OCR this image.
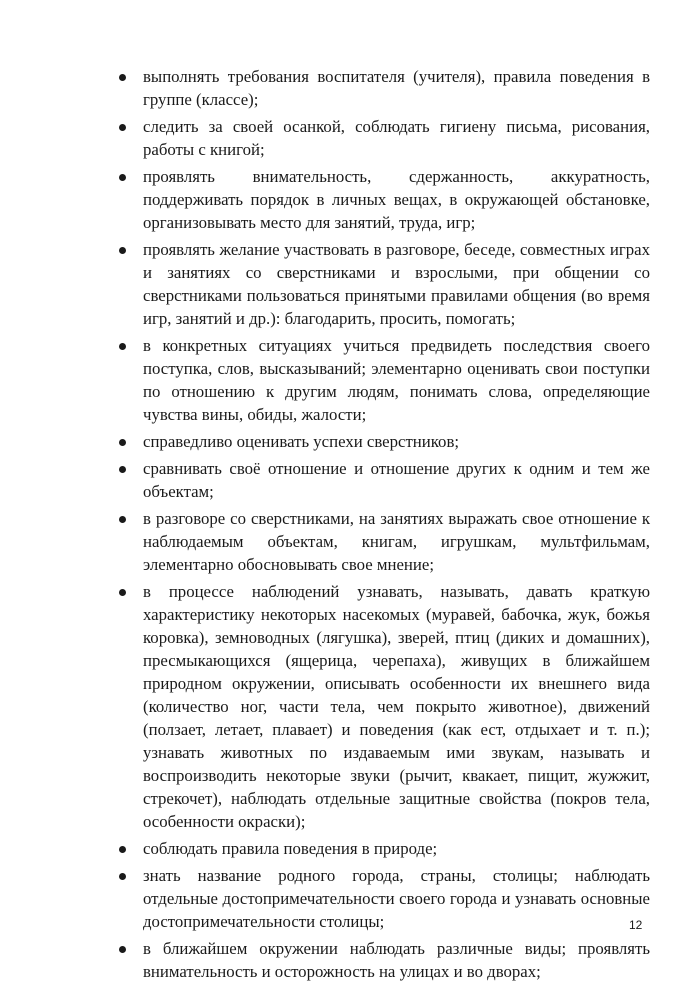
выполнять требования воспитателя (учителя), правила поведения в группе (классе);
следить за своей осанкой, соблюдать гигиену письма, рисования, работы с книгой;
проявлять внимательность, сдержанность, аккуратность, поддерживать порядок в личных вещах, в окружающей обстановке, организовывать место для занятий, труда, игр;
проявлять желание участвовать в разговоре, беседе, совместных играх и занятиях со сверстниками и взрослыми, при общении со сверстниками пользоваться принятыми правилами общения (во время игр, занятий и др.): благодарить, просить, помогать;
в конкретных ситуациях учиться предвидеть последствия своего поступка, слов, высказываний; элементарно оценивать свои поступки по отношению к другим людям, понимать слова, определяющие чувства вины, обиды, жалости;
справедливо оценивать успехи сверстников;
сравнивать своё отношение и отношение других к одним и тем же объектам;
в разговоре со сверстниками, на занятиях выражать свое отношение к наблюдаемым объектам, книгам, игрушкам, мультфильмам, элементарно обосновывать свое мнение;
в процессе наблюдений узнавать, называть, давать краткую характеристику некоторых насекомых (муравей, бабочка, жук, божья коровка), земноводных (лягушка), зверей, птиц (диких и домашних), пресмыкающихся (ящерица, черепаха), живущих в ближайшем природном окружении, описывать особенности их внешнего вида (количество ног, части тела, чем покрыто животное), движений (ползает, летает, плавает) и поведения (как ест, отдыхает и т. п.); узнавать животных по издаваемым ими звукам, называть и воспроизводить некоторые звуки (рычит, квакает, пищит, жужжит, стрекочет), наблюдать отдельные защитные свойства (покров тела, особенности окраски);
соблюдать правила поведения в природе;
знать название родного города, страны, столицы; наблюдать отдельные достопримечательности своего города и узнавать основные достопримечательности столицы;
в ближайшем окружении наблюдать различные виды; проявлять внимательность и осторожность на улицах и во дворах;
12
